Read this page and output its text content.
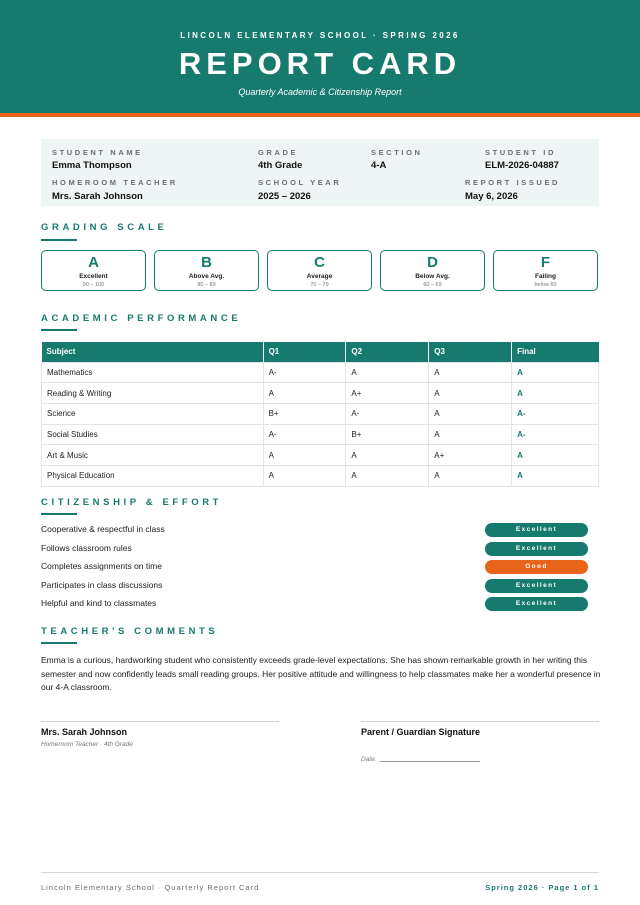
LINCOLN ELEMENTARY SCHOOL · SPRING 2026
REPORT CARD
Quarterly Academic & Citizenship Report
STUDENT NAME
Emma Thompson
GRADE
4th Grade
SECTION
4-A
STUDENT ID
ELM-2026-04887
HOMEROOM TEACHER
Mrs. Sarah Johnson
SCHOOL YEAR
2025 – 2026
REPORT ISSUED
May 6, 2026
GRADING SCALE
A
Excellent
90 – 100
B
Above Avg.
80 – 89
C
Average
70 – 79
D
Below Avg.
60 – 69
F
Failing
below 60
ACADEMIC PERFORMANCE
Subject	Q1	Q2	Q3	Final
Mathematics	A-	A	A	A
Reading & Writing	A	A+	A	A
Science	B+	A-	A	A-
Social Studies	A-	B+	A	A-
Art & Music	A	A	A+	A
Physical Education	A	A	A	A
CITIZENSHIP & EFFORT
Cooperative & respectful in class	Excellent
Follows classroom rules	Excellent
Completes assignments on time	Good
Participates in class discussions	Excellent
Helpful and kind to classmates	Excellent
TEACHER'S COMMENTS
Emma is a curious, hardworking student who consistently exceeds grade-level expectations. She has shown remarkable growth in her writing this semester and now confidently leads small reading groups. Her positive attitude and willingness to help classmates make her a wonderful presence in our 4-A classroom.
Mrs. Sarah Johnson
Homeroom Teacher · 4th Grade
Parent / Guardian Signature
Date:
Lincoln Elementary School · Quarterly Report Card	Spring 2026 · Page 1 of 1
